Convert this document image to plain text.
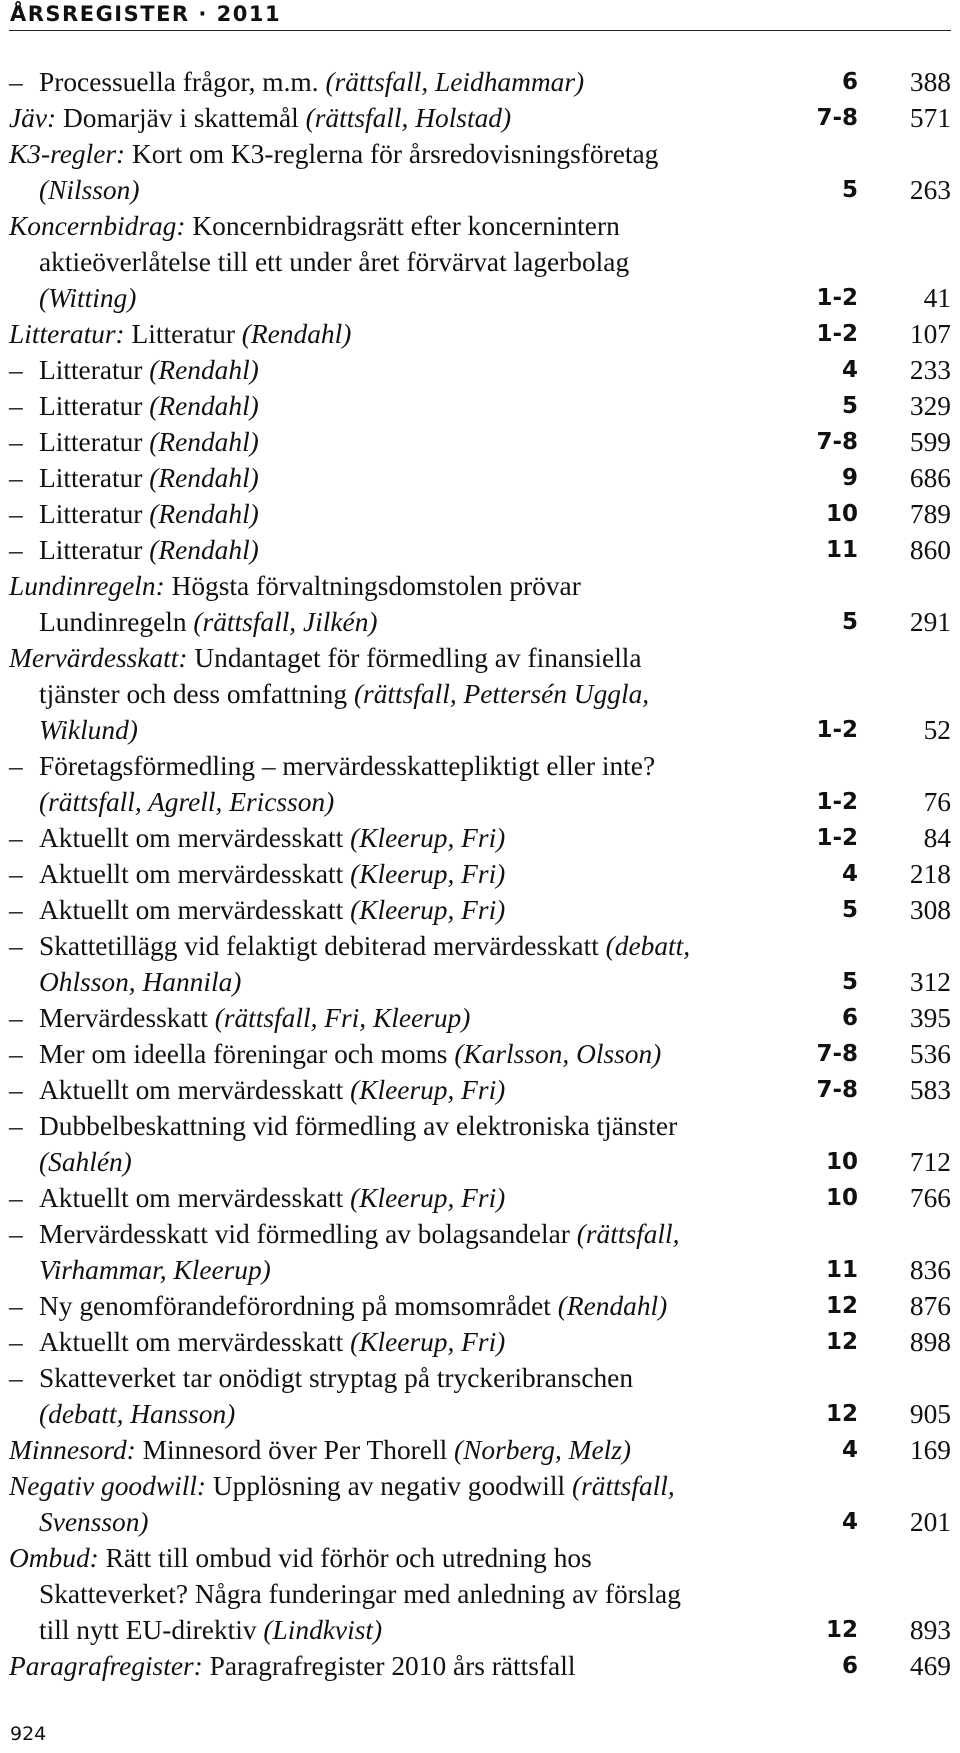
ÅRSREGISTER · 2011
– Processuella frågor, m.m. (rättsfall, Leidhammar)	6	388
Jäv: Domarjäv i skattemål (rättsfall, Holstad)	7-8	571
K3-regler: Kort om K3-reglerna för årsredovisningsföretag
(Nilsson)	5	263
Koncernbidrag: Koncernbidragsrätt efter koncernintern
aktieöverlåtelse till ett under året förvärvat lagerbolag
(Witting)	1-2	41
Litteratur: Litteratur (Rendahl)	1-2	107
– Litteratur (Rendahl)	4	233
– Litteratur (Rendahl)	5	329
– Litteratur (Rendahl)	7-8	599
– Litteratur (Rendahl)	9	686
– Litteratur (Rendahl)	10	789
– Litteratur (Rendahl)	11	860
Lundinregeln: Högsta förvaltningsdomstolen prövar
Lundinregeln (rättsfall, Jilkén)	5	291
Mervärdesskatt: Undantaget för förmedling av finansiella
tjänster och dess omfattning (rättsfall, Pettersén Uggla,
Wiklund)	1-2	52
– Företagsförmedling – mervärdesskattepliktigt eller inte?
(rättsfall, Agrell, Ericsson)	1-2	76
– Aktuellt om mervärdesskatt (Kleerup, Fri)	1-2	84
– Aktuellt om mervärdesskatt (Kleerup, Fri)	4	218
– Aktuellt om mervärdesskatt (Kleerup, Fri)	5	308
– Skattetillägg vid felaktigt debiterad mervärdesskatt (debatt,
Ohlsson, Hannila)	5	312
– Mervärdesskatt (rättsfall, Fri, Kleerup)	6	395
– Mer om ideella föreningar och moms (Karlsson, Olsson)	7-8	536
– Aktuellt om mervärdesskatt (Kleerup, Fri)	7-8	583
– Dubbelbeskattning vid förmedling av elektroniska tjänster
(Sahlén)	10	712
– Aktuellt om mervärdesskatt (Kleerup, Fri)	10	766
– Mervärdesskatt vid förmedling av bolagsandelar (rättsfall,
Virhammar, Kleerup)	11	836
– Ny genomförandeförordning på momsområdet (Rendahl)	12	876
– Aktuellt om mervärdesskatt (Kleerup, Fri)	12	898
– Skatteverket tar onödigt stryptag på tryckeribranschen
(debatt, Hansson)	12	905
Minnesord: Minnesord över Per Thorell (Norberg, Melz)	4	169
Negativ goodwill: Upplösning av negativ goodwill (rättsfall,
Svensson)	4	201
Ombud: Rätt till ombud vid förhör och utredning hos
Skatteverket? Några funderingar med anledning av förslag
till nytt EU-direktiv (Lindkvist)	12	893
Paragrafregister: Paragrafregister 2010 års rättsfall	6	469
924
